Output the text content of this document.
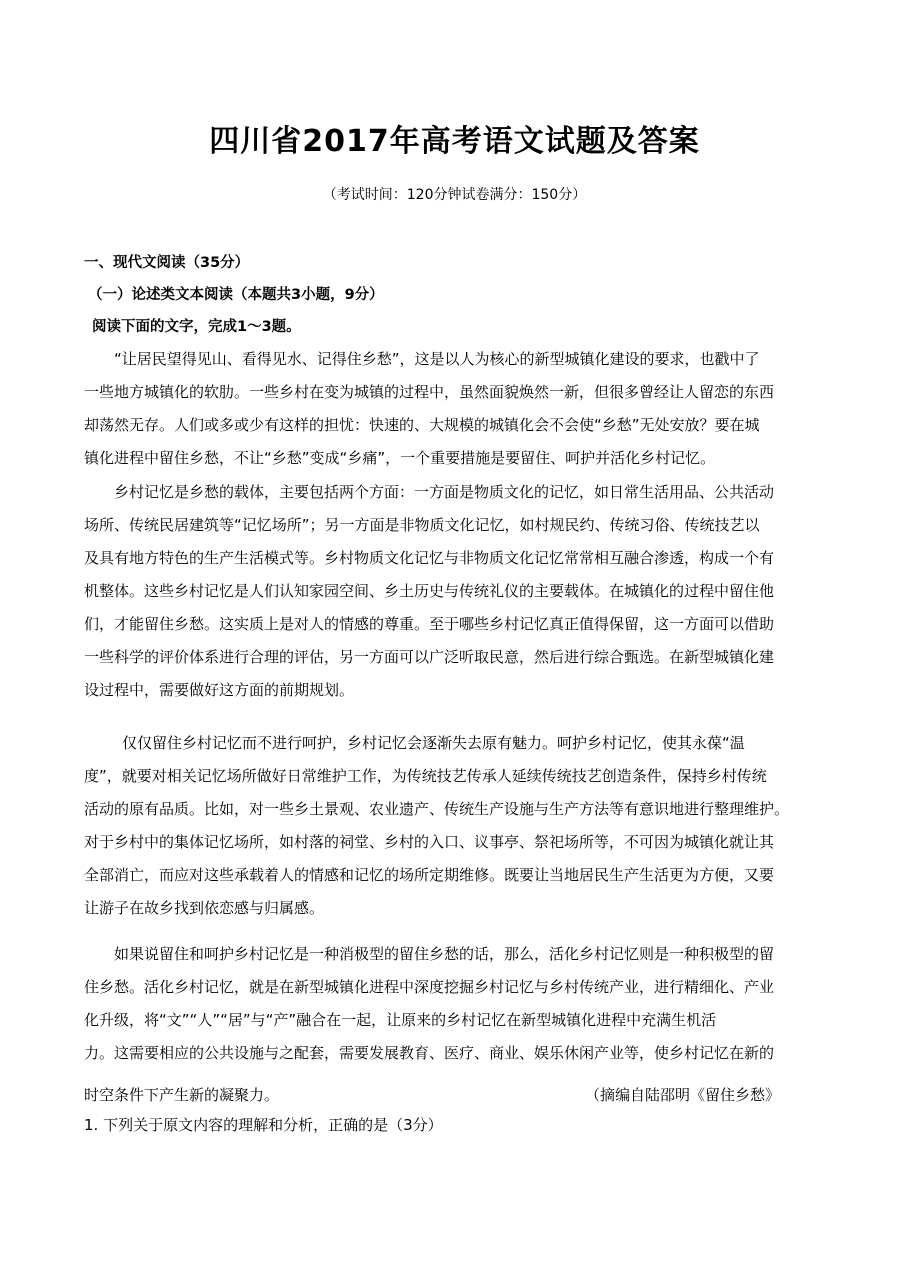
四川省2017年高考语文试题及答案
（考试时间：120分钟试卷满分：150分）
一、现代文阅读（35分）
（一）论述类文本阅读（本题共3小题，9分）
阅读下面的文字，完成1～3题。
“让居民望得见山、看得见水、记得住乡愁”，这是以人为核心的新型城镇化建设的要求，也戳中了
一些地方城镇化的软肋。一些乡村在变为城镇的过程中，虽然面貌焕然一新，但很多曾经让人留恋的东西
却荡然无存。人们或多或少有这样的担忧：快速的、大规模的城镇化会不会使“乡愁”无处安放？要在城
镇化进程中留住乡愁，不让“乡愁”变成“乡痛”，一个重要措施是要留住、呵护并活化乡村记忆。
乡村记忆是乡愁的载体，主要包括两个方面：一方面是物质文化的记忆，如日常生活用品、公共活动
场所、传统民居建筑等“记忆场所”；另一方面是非物质文化记忆，如村规民约、传统习俗、传统技艺以
及具有地方特色的生产生活模式等。乡村物质文化记忆与非物质文化记忆常常相互融合渗透，构成一个有
机整体。这些乡村记忆是人们认知家园空间、乡土历史与传统礼仪的主要载体。在城镇化的过程中留住他
们，才能留住乡愁。这实质上是对人的情感的尊重。至于哪些乡村记忆真正值得保留，这一方面可以借助
一些科学的评价体系进行合理的评估，另一方面可以广泛听取民意，然后进行综合甄选。在新型城镇化建
设过程中，需要做好这方面的前期规划。
仅仅留住乡村记忆而不进行呵护，乡村记忆会逐渐失去原有魅力。呵护乡村记忆，使其永葆“温
度”，就要对相关记忆场所做好日常维护工作，为传统技艺传承人延续传统技艺创造条件，保持乡村传统
活动的原有品质。比如，对一些乡土景观、农业遗产、传统生产设施与生产方法等有意识地进行整理维护。
对于乡村中的集体记忆场所，如村落的祠堂、乡村的入口、议事亭、祭祀场所等，不可因为城镇化就让其
全部消亡，而应对这些承载着人的情感和记忆的场所定期维修。既要让当地居民生产生活更为方便，又要
让游子在故乡找到依恋感与归属感。
如果说留住和呵护乡村记忆是一种消极型的留住乡愁的话，那么，活化乡村记忆则是一种积极型的留
住乡愁。活化乡村记忆，就是在新型城镇化进程中深度挖掘乡村记忆与乡村传统产业，进行精细化、产业
化升级，将“文”“人”“居”与“产”融合在一起，让原来的乡村记忆在新型城镇化进程中充满生机活
力。这需要相应的公共设施与之配套，需要发展教育、医疗、商业、娱乐休闲产业等，使乡村记忆在新的
时空条件下产生新的凝聚力。	（摘编自陆邵明《留住乡愁》
1. 下列关于原文内容的理解和分析，正确的是（3分）
